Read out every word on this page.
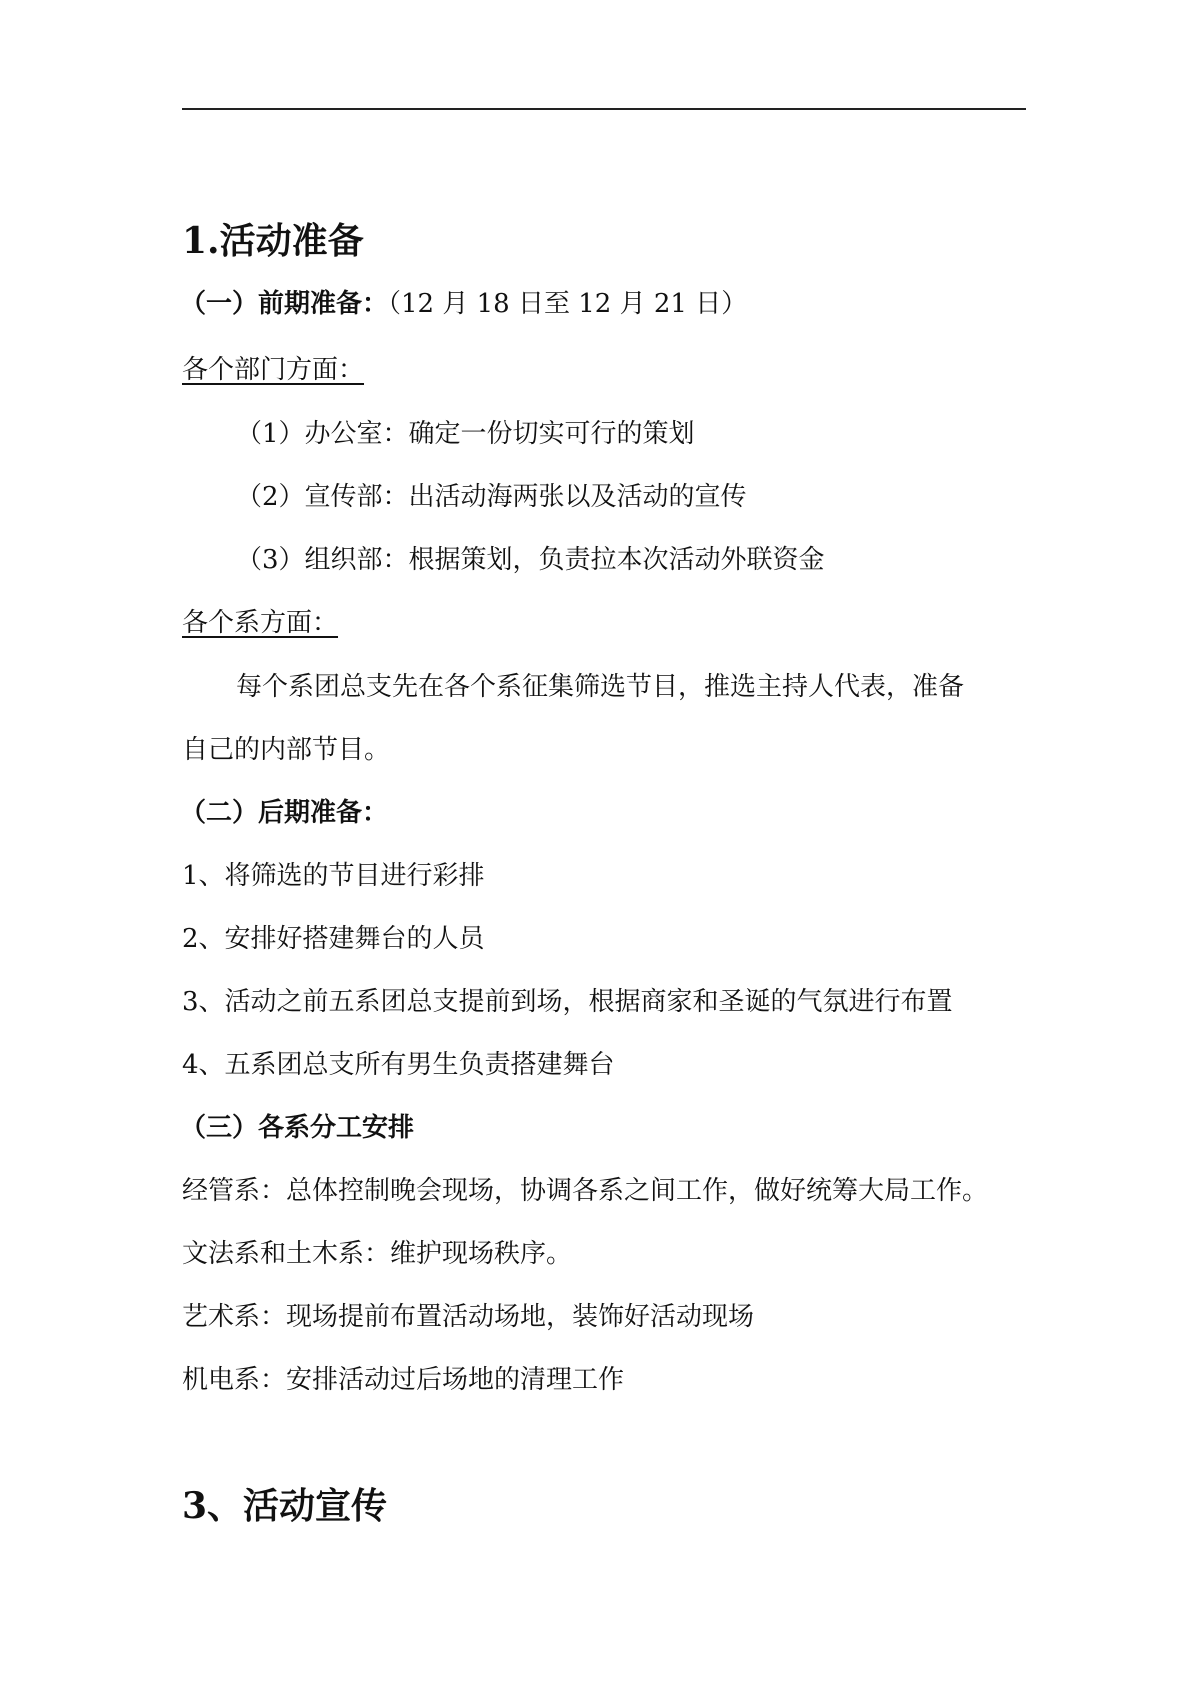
1.活动准备
（一）前期准备：（12 月 18 日至 12 月 21 日）
各个部门方面：
（1）办公室：确定一份切实可行的策划
（2）宣传部：出活动海两张以及活动的宣传
（3）组织部：根据策划，负责拉本次活动外联资金
各个系方面：
每个系团总支先在各个系征集筛选节目，推选主持人代表，准备
自己的内部节目。
（二）后期准备：
1、将筛选的节目进行彩排
2、安排好搭建舞台的人员
3、活动之前五系团总支提前到场，根据商家和圣诞的气氛进行布置
4、五系团总支所有男生负责搭建舞台
（三）各系分工安排
经管系：总体控制晚会现场，协调各系之间工作，做好统筹大局工作。
文法系和土木系：维护现场秩序。
艺术系：现场提前布置活动场地，装饰好活动现场
机电系：安排活动过后场地的清理工作
3、活动宣传
